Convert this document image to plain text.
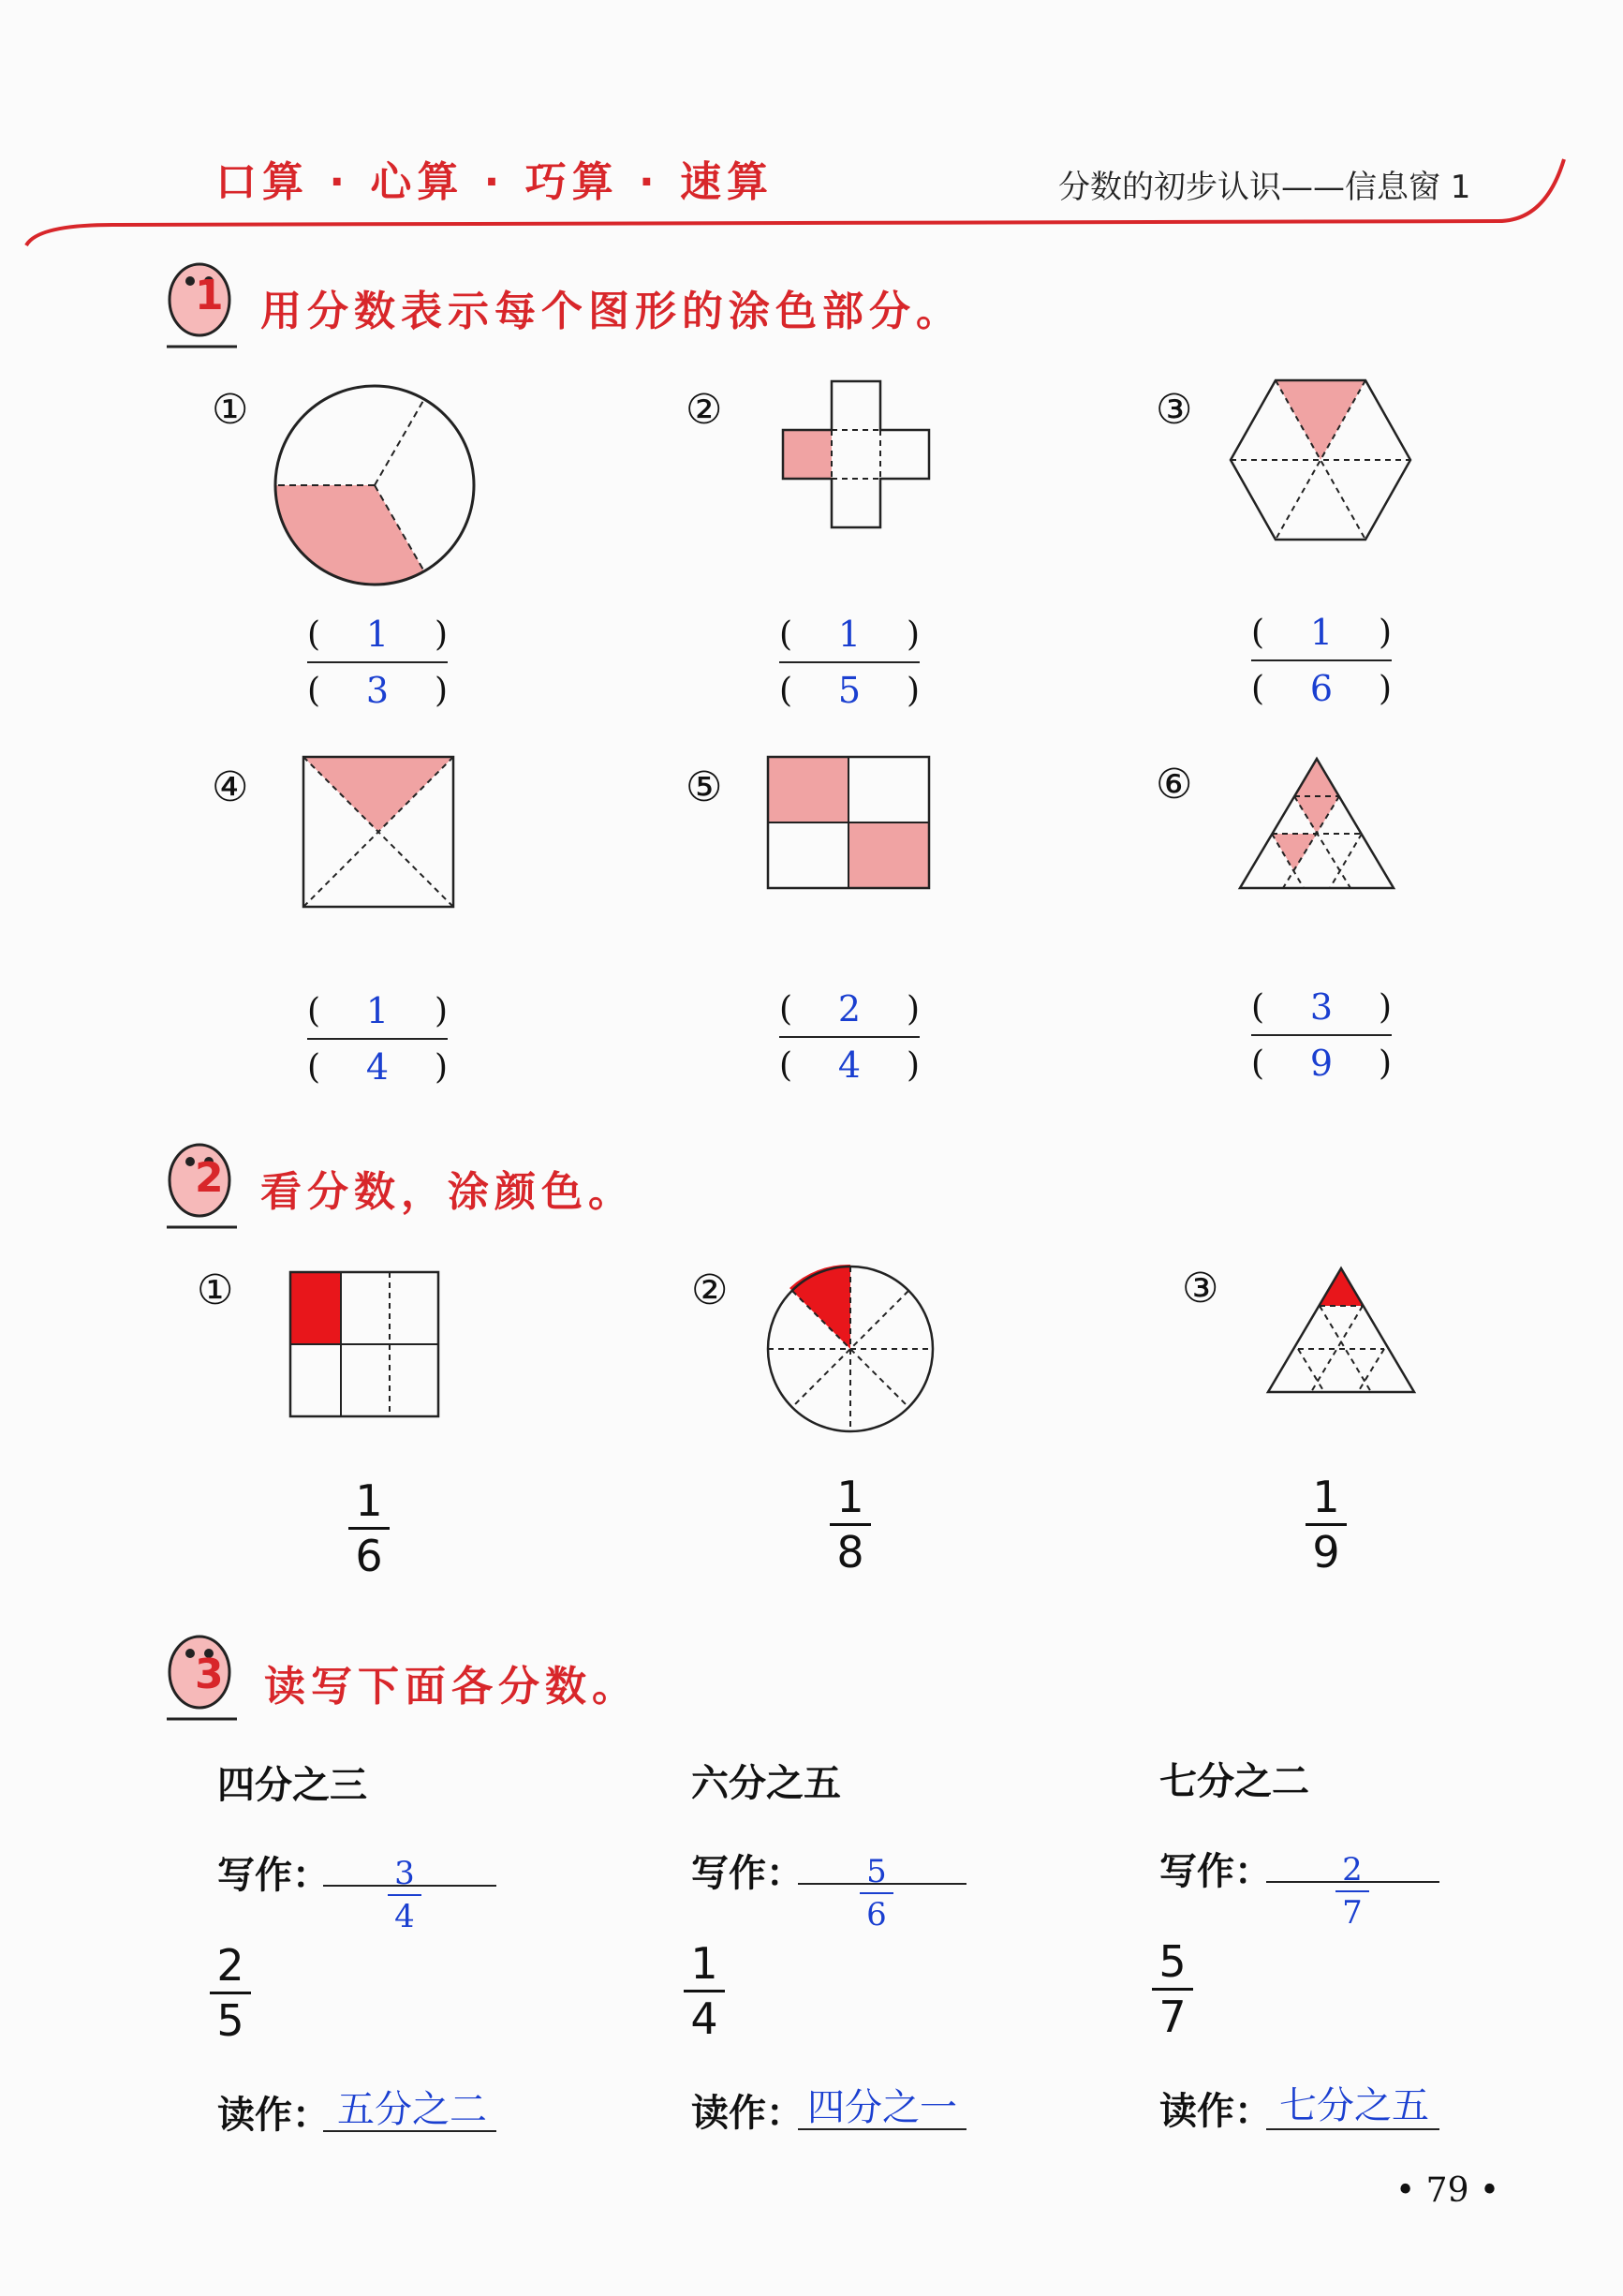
口算 · 心算 · 巧算 · 速算	分数的初步认识——信息窗 1
1 用分数表示每个图形的涂色部分。
①	②	③
( 1 )
( 3 )
( 1 )
( 5 )
( 1 )
( 6 )
④	⑤	⑥
( 1 )
( 4 )
( 2 )
( 4 )
( 3 )
( 9 )
2 看分数，涂颜色。
①	②	③
1
6
1
8
1
9
3 读写下面各分数。
四分之三
写作：	3
4
2
5
读作： 五分之二
六分之五
写作：	5
6
1
4
读作： 四分之一
七分之二
写作：	2
7
5
7
读作： 七分之五
• 79 •
